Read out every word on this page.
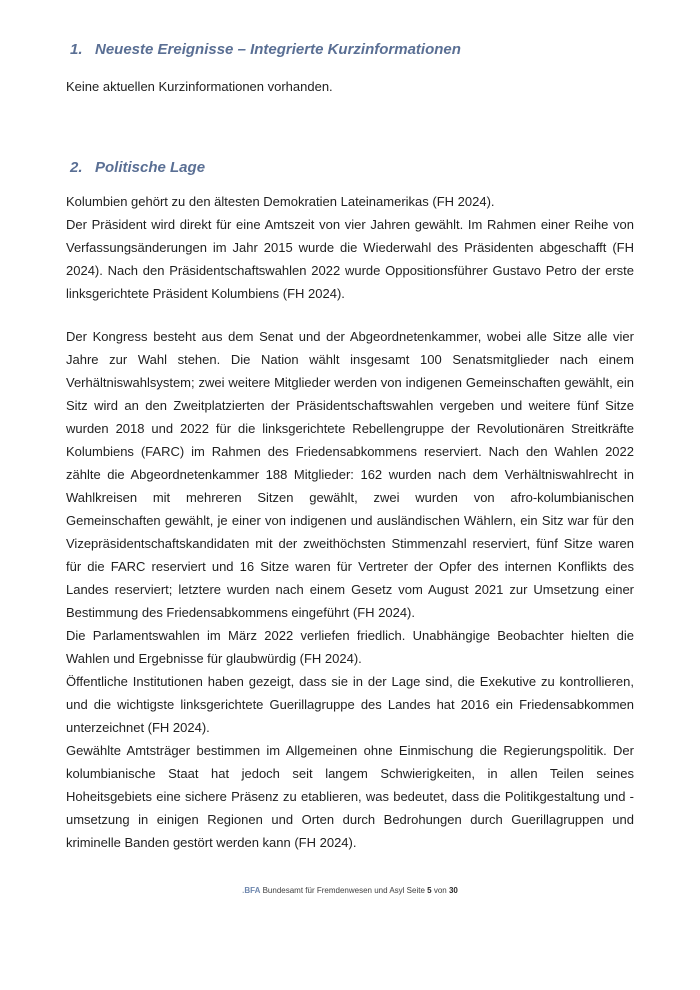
1. Neueste Ereignisse – Integrierte Kurzinformationen

Keine aktuellen Kurzinformationen vorhanden.

2. Politische Lage

Kolumbien gehört zu den ältesten Demokratien Lateinamerikas (FH 2024).

Der Präsident wird direkt für eine Amtszeit von vier Jahren gewählt. Im Rahmen einer Reihe von Verfassungsänderungen im Jahr 2015 wurde die Wiederwahl des Präsidenten abgeschafft (FH 2024). Nach den Präsidentschaftswahlen 2022 wurde Oppositionsführer Gustavo Petro der erste linksgerichtete Präsident Kolumbiens (FH 2024).

Der Kongress besteht aus dem Senat und der Abgeordnetenkammer, wobei alle Sitze alle vier Jahre zur Wahl stehen. Die Nation wählt insgesamt 100 Senatsmitglieder nach einem Verhältniswahlsystem; zwei weitere Mitglieder werden von indigenen Gemeinschaften gewählt, ein Sitz wird an den Zweitplatzierten der Präsidentschaftswahlen vergeben und weitere fünf Sitze wurden 2018 und 2022 für die linksgerichtete Rebellengruppe der Revolutionären Streitkräfte Kolumbiens (FARC) im Rahmen des Friedensabkommens reserviert. Nach den Wahlen 2022 zählte die Abgeordnetenkammer 188 Mitglieder: 162 wurden nach dem Verhältniswahlrecht in Wahlkreisen mit mehreren Sitzen gewählt, zwei wurden von afro-kolumbianischen Gemeinschaften gewählt, je einer von indigenen und ausländischen Wählern, ein Sitz war für den Vizepräsidentschaftskandidaten mit der zweithöchsten Stimmenzahl reserviert, fünf Sitze waren für die FARC reserviert und 16 Sitze waren für Vertreter der Opfer des internen Konflikts des Landes reserviert; letztere wurden nach einem Gesetz vom August 2021 zur Umsetzung einer Bestimmung des Friedensabkommens eingeführt (FH 2024).

Die Parlamentswahlen im März 2022 verliefen friedlich. Unabhängige Beobachter hielten die Wahlen und Ergebnisse für glaubwürdig (FH 2024).

Öffentliche Institutionen haben gezeigt, dass sie in der Lage sind, die Exekutive zu kontrollieren, und die wichtigste linksgerichtete Guerillagruppe des Landes hat 2016 ein Friedensabkommen unterzeichnet (FH 2024).

Gewählte Amtsträger bestimmen im Allgemeinen ohne Einmischung die Regierungspolitik. Der kolumbianische Staat hat jedoch seit langem Schwierigkeiten, in allen Teilen seines Hoheitsgebiets eine sichere Präsenz zu etablieren, was bedeutet, dass die Politikgestaltung und -umsetzung in einigen Regionen und Orten durch Bedrohungen durch Guerillagruppen und kriminelle Banden gestört werden kann (FH 2024).

.BFA Bundesamt für Fremdenwesen und Asyl Seite 5 von 30
